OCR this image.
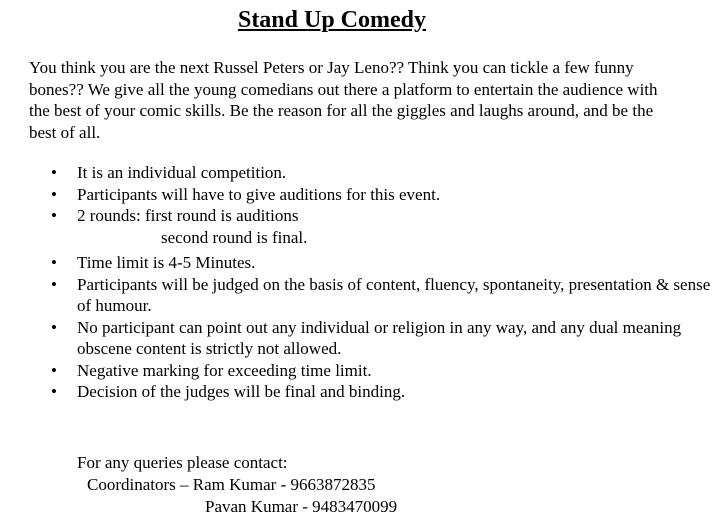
Stand Up Comedy
You think you are the next Russel Peters or Jay Leno?? Think you can tickle a few funny bones?? We give all the young comedians out there a platform to entertain the audience with the best of your comic skills. Be the reason for all the giggles and laughs around, and be the best of all.
• It is an individual competition.
• Participants will have to give auditions for this event.
• 2 rounds: first round is auditions
second round is final.
• Time limit is 4-5 Minutes.
• Participants will be judged on the basis of content, fluency, spontaneity, presentation & sense of humour.
• No participant can point out any individual or religion in any way, and any dual meaning obscene content is strictly not allowed.
• Negative marking for exceeding time limit.
• Decision of the judges will be final and binding.
For any queries please contact:
Coordinators – Ram Kumar - 9663872835
Pavan Kumar - 9483470099
